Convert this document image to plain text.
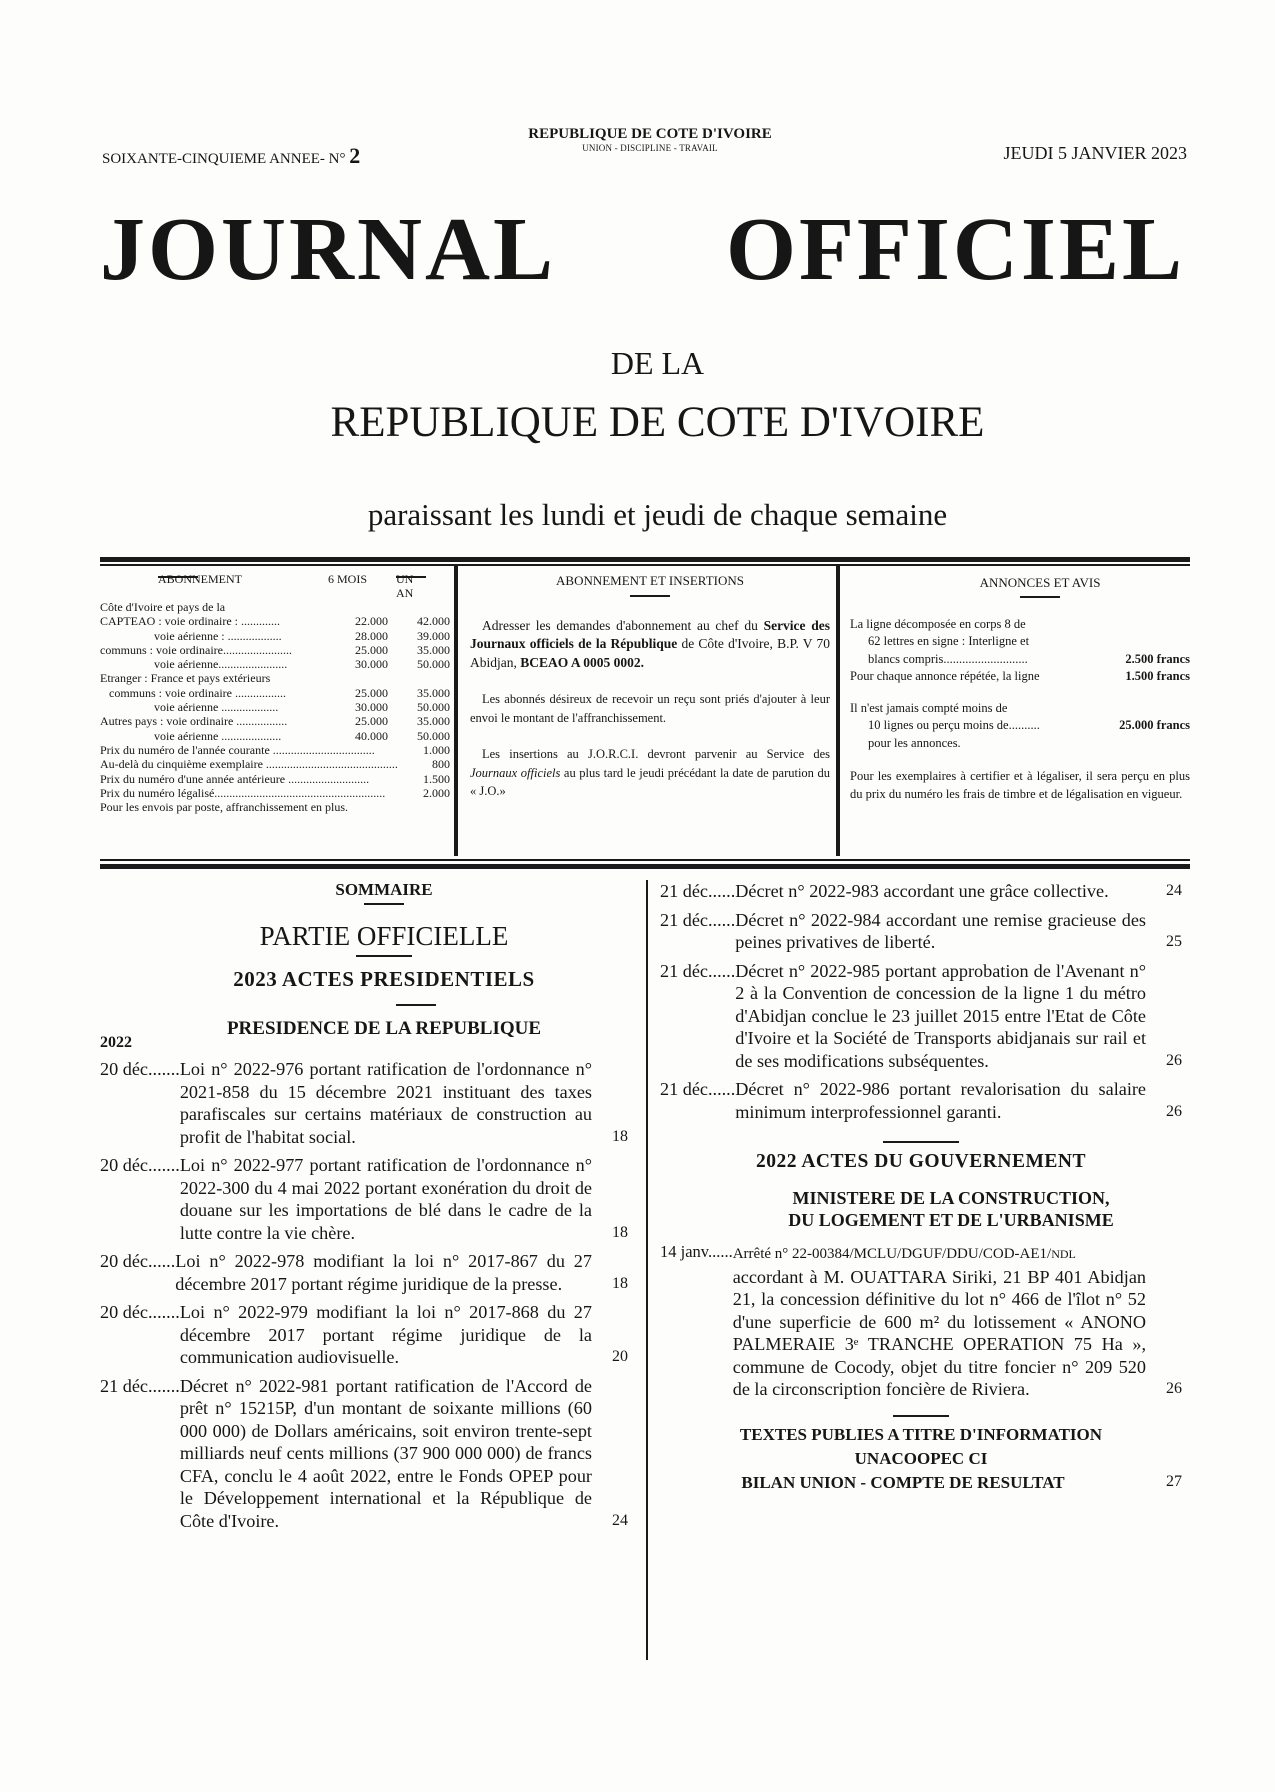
SOIXANTE-CINQUIEME ANNEE- N° 2
REPUBLIQUE DE COTE D'IVOIRE
UNION - DISCIPLINE - TRAVAIL	JEUDI 5 JANVIER 2023
JOURNAL OFFICIEL
DE LA
REPUBLIQUE DE COTE D'IVOIRE
paraissant les lundi et jeudi de chaque semaine
ABONNEMENT	6 MOIS UN AN
Côte d'Ivoire et pays de la
CAPTEAO : voie ordinaire : .............	22.000	42.000
voie aérienne : ..................	28.000	39.000
communs : voie ordinaire.......................	25.000	35.000
voie aérienne.......................	30.000	50.000
Etranger : France et pays extérieurs
communs : voie ordinaire .................	25.000	35.000
voie aérienne ...................	30.000	50.000
Autres pays : voie ordinaire .................	25.000	35.000
voie aérienne ....................	40.000	50.000
Prix du numéro de l'année courante ..................................	1.000
Au-delà du cinquième exemplaire ............................................	800
Prix du numéro d'une année antérieure ...........................	1.500
Prix du numéro légalisé.........................................................	2.000
Pour les envois par poste, affranchissement en plus.
ABONNEMENT ET INSERTIONS

Adresser les demandes d'abonnement au chef du Service des Journaux officiels de la République de Côte d'Ivoire, B.P. V 70 Abidjan, BCEAO A 0005 0002.

Les abonnés désireux de recevoir un reçu sont priés d'ajouter à leur envoi le montant de l'affranchissement.

Les insertions au J.O.R.C.I. devront parvenir au Service des Journaux officiels au plus tard le jeudi précédant la date de parution du « J.O.»

ANNONCES ET AVIS
La ligne décomposée en corps 8 de
62 lettres en signe : Interligne et
blancs compris...........................	2.500 francs
Pour chaque annonce répétée, la ligne	1.500 francs
Il n'est jamais compté moins de
10 lignes ou perçu moins de..........	25.000 francs
pour les annonces.
Pour les exemplaires à certifier et à légaliser, il sera perçu en plus du prix du numéro les frais de timbre et de légalisation en vigueur.
SOMMAIRE
PARTIE OFFICIELLE
2023 ACTES PRESIDENTIELS
PRESIDENCE DE LA REPUBLIQUE
2022
20 déc....... Loi n° 2022-976 portant ratification de l'ordonnance n° 2021-858 du 15 décembre 2021 instituant des taxes parafiscales sur certains matériaux de construction au profit de l'habitat social.	18
20 déc....... Loi n° 2022-977 portant ratification de l'ordonnance n° 2022-300 du 4 mai 2022 portant exonération du droit de douane sur les importations de blé dans le cadre de la lutte contre la vie chère.	18
20 déc...... Loi n° 2022-978 modifiant la loi n° 2017-867 du 27 décembre 2017 portant régime juridique de la presse.	18
20 déc....... Loi n° 2022-979 modifiant la loi n° 2017-868 du 27 décembre 2017 portant régime juridique de la communication audiovisuelle.	20
21 déc....... Décret n° 2022-981 portant ratification de l'Accord de prêt n° 15215P, d'un montant de soixante millions (60 000 000) de Dollars américains, soit environ trente-sept milliards neuf cents millions (37 900 000 000) de francs CFA, conclu le 4 août 2022, entre le Fonds OPEP pour le Développement international et la République de Côte d'Ivoire.	24
21 déc...... Décret n° 2022-983 accordant une grâce collective.	24
21 déc...... Décret n° 2022-984 accordant une remise gracieuse des peines privatives de liberté.	25
21 déc...... Décret n° 2022-985 portant approbation de l'Avenant n° 2 à la Convention de concession de la ligne 1 du métro d'Abidjan conclue le 23 juillet 2015 entre l'Etat de Côte d'Ivoire et la Société de Transports abidjanais sur rail et de ses modifications subséquentes.	26
21 déc...... Décret n° 2022-986 portant revalorisation du salaire minimum interprofessionnel garanti.	26
2022 ACTES DU GOUVERNEMENT
MINISTERE DE LA CONSTRUCTION,
DU LOGEMENT ET DE L'URBANISME
14 janv...... Arrêté n° 22-00384/MCLU/DGUF/DDU/COD-AE1/NDL
accordant à M. OUATTARA Siriki, 21 BP 401 Abidjan 21, la concession définitive du lot n° 466 de l'îlot n° 52 d'une superficie de 600 m² du lotissement « ANONO PALMERAIE 3ᵉ TRANCHE OPERATION 75 Ha », commune de Cocody, objet du titre foncier n° 209 520 de la circonscription foncière de Riviera.	26
TEXTES PUBLIES A TITRE D'INFORMATION
UNACOOPEC CI
BILAN UNION - COMPTE DE RESULTAT	27
